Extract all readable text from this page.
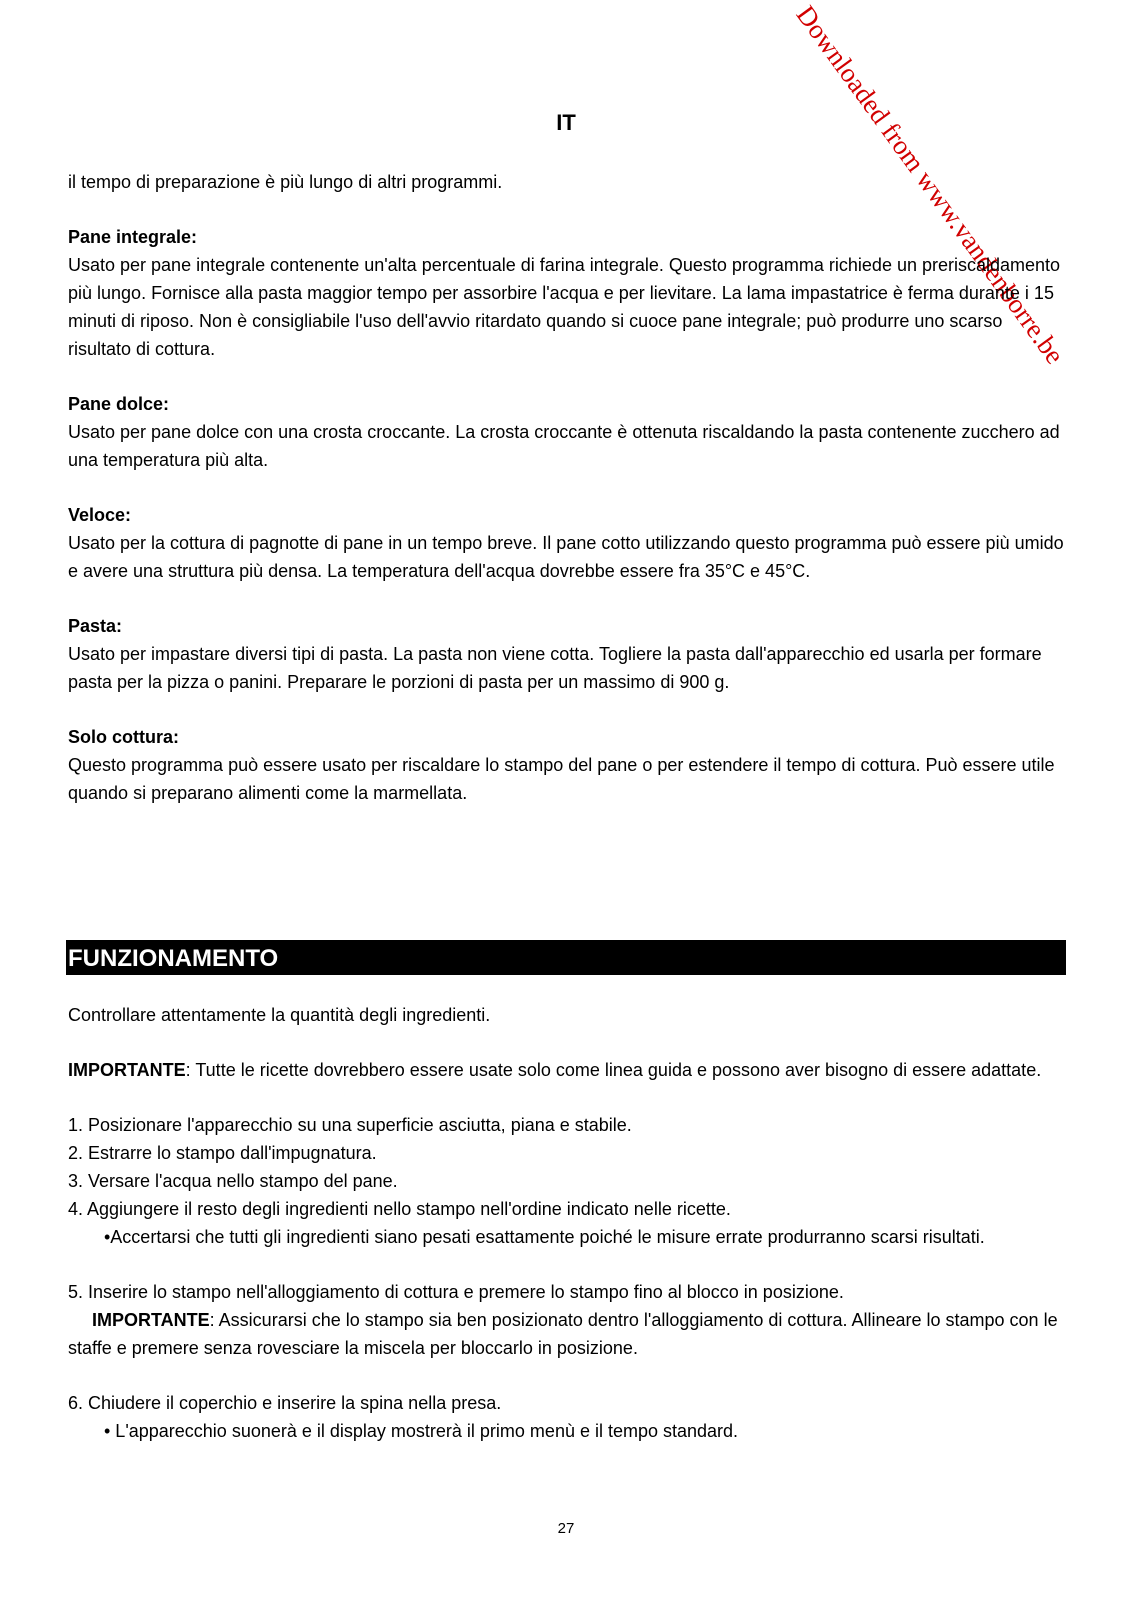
IT	Downloaded from www.vandenborre.be

il tempo di preparazione è più lungo di altri programmi.

Pane integrale:

Usato per pane integrale contenente un'alta percentuale di farina integrale. Questo programma richiede un preriscaldamento più lungo. Fornisce alla pasta maggior tempo per assorbire l'acqua e per lievitare. La lama impastatrice è ferma durante i 15 minuti di riposo. Non è consigliabile l'uso dell'avvio ritardato quando si cuoce pane integrale; può produrre uno scarso risultato di cottura.

Pane dolce:

Usato per pane dolce con una crosta croccante. La crosta croccante è ottenuta riscaldando la pasta contenente zucchero ad una temperatura più alta.

Veloce:

Usato per la cottura di pagnotte di pane in un tempo breve. Il pane cotto utilizzando questo programma può essere più umido e avere una struttura più densa. La temperatura dell'acqua dovrebbe essere fra 35°C e 45°C.

Pasta:

Usato per impastare diversi tipi di pasta. La pasta non viene cotta. Togliere la pasta dall'apparecchio ed usarla per formare pasta per la pizza o panini. Preparare le porzioni di pasta per un massimo di 900 g.

Solo cottura:

Questo programma può essere usato per riscaldare lo stampo del pane o per estendere il tempo di cottura. Può essere utile quando si preparano alimenti come la marmellata.

FUNZIONAMENTO

Controllare attentamente la quantità degli ingredienti.

IMPORTANTE: Tutte le ricette dovrebbero essere usate solo come linea guida e possono aver bisogno di essere adattate.

1. Posizionare l'apparecchio su una superficie asciutta, piana e stabile.

2. Estrarre lo stampo dall'impugnatura.

3. Versare l'acqua nello stampo del pane.

4. Aggiungere il resto degli ingredienti nello stampo nell'ordine indicato nelle ricette.

•Accertarsi che tutti gli ingredienti siano pesati esattamente poiché le misure errate produrranno scarsi risultati.

5. Inserire lo stampo nell'alloggiamento di cottura e premere lo stampo fino al blocco in posizione.

IMPORTANTE: Assicurarsi che lo stampo sia ben posizionato dentro l'alloggiamento di cottura. Allineare lo stampo con le staffe e premere senza rovesciare la miscela per bloccarlo in posizione.

6. Chiudere il coperchio e inserire la spina nella presa.

• L'apparecchio suonerà e il display mostrerà il primo menù e il tempo standard.

27
